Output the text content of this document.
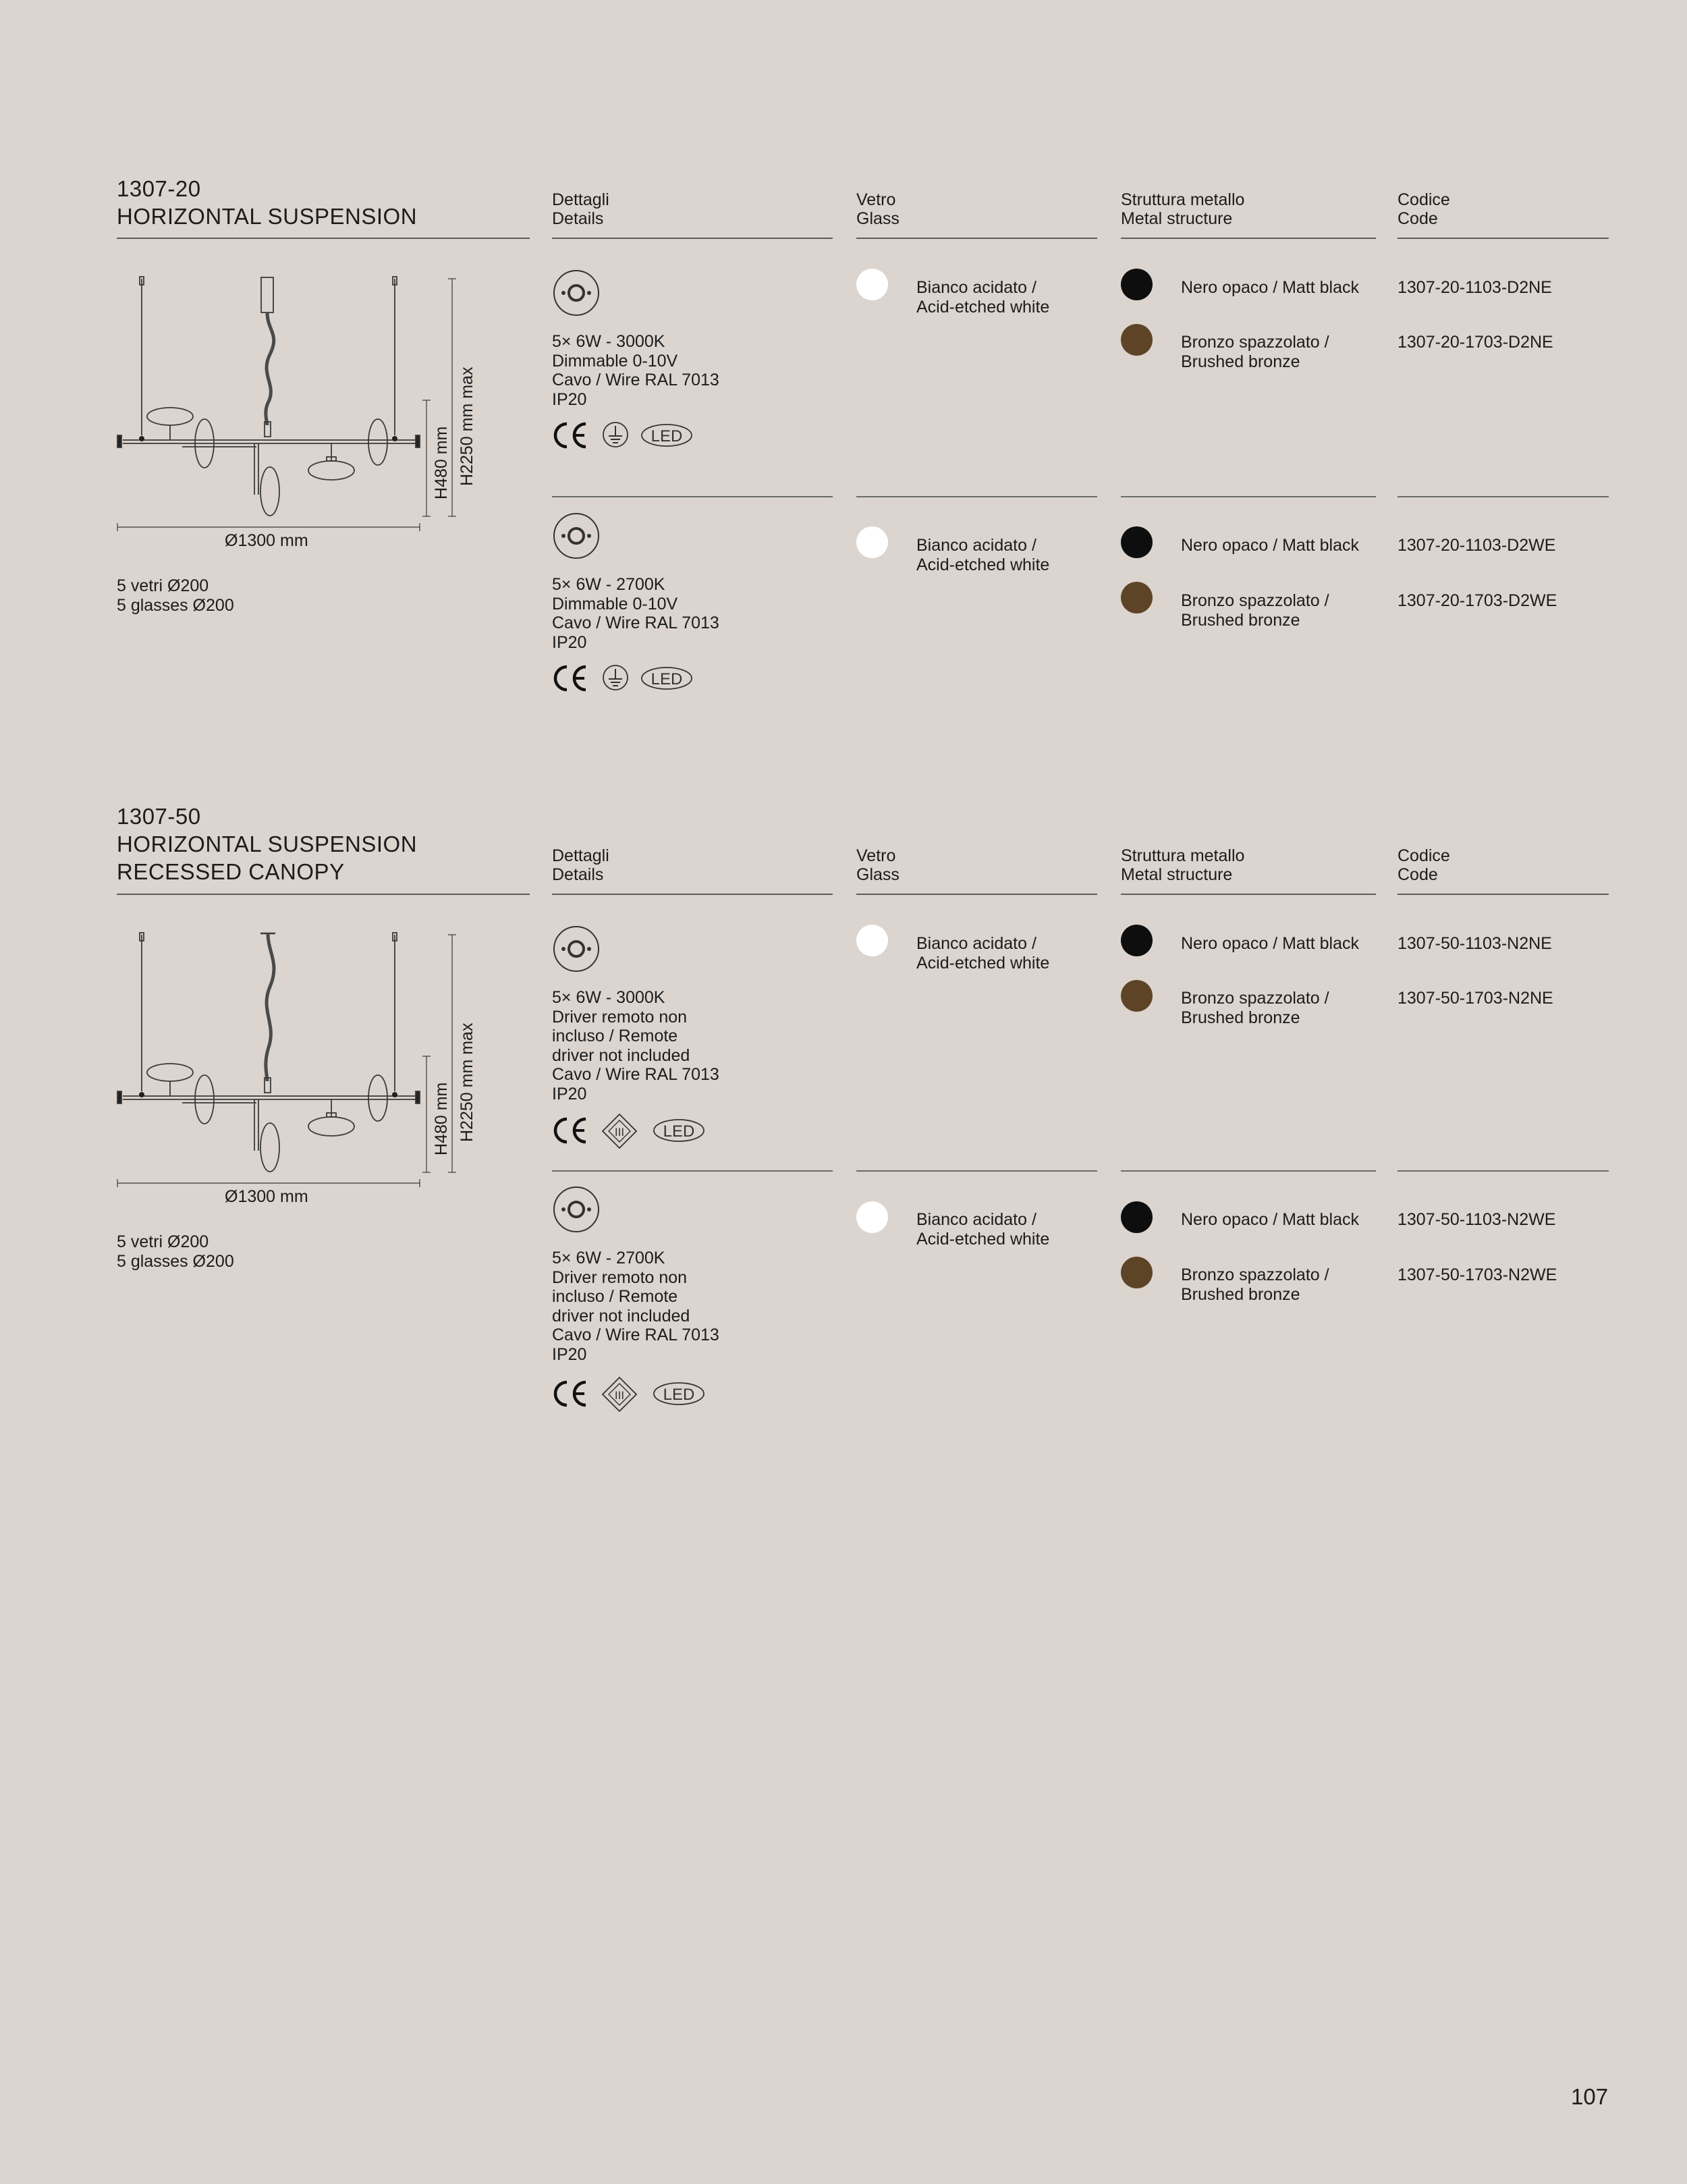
1307-20
HORIZONTAL SUSPENSION
Dettagli
Details
Vetro
Glass
Struttura metallo
Metal structure
Codice
Code
Ø1300 mm
H480 mm H2250 mm max
5 vetri Ø200
5 glasses Ø200
5× 6W - 3000K
Dimmable 0-10V
Cavo / Wire RAL 7013
IP20
LED
Bianco acidato /
Acid-etched white
Nero opaco / Matt black 1307-20-1103-D2NE
Bronzo spazzolato /
Brushed bronze
1307-20-1703-D2NE
5× 6W - 2700K
Dimmable 0-10V
Cavo / Wire RAL 7013
IP20
LED
Bianco acidato /
Acid-etched white
Nero opaco / Matt black 1307-20-1103-D2WE
Bronzo spazzolato /
Brushed bronze
1307-20-1703-D2WE
1307-50
HORIZONTAL SUSPENSION
RECESSED CANOPY
Dettagli
Details
Vetro
Glass
Struttura metallo
Metal structure
Codice
Code
Ø1300 mm
H480 mm H2250 mm max
5 vetri Ø200
5 glasses Ø200
5× 6W - 3000K
Driver remoto non
incluso / Remote
driver not included
Cavo / Wire RAL 7013
IP20
III LED
Bianco acidato /
Acid-etched white
Nero opaco / Matt black 1307-50-1103-N2NE
Bronzo spazzolato /
Brushed bronze
1307-50-1703-N2NE
5× 6W - 2700K
Driver remoto non
incluso / Remote
driver not included
Cavo / Wire RAL 7013
IP20
III LED
Bianco acidato /
Acid-etched white
Nero opaco / Matt black 1307-50-1103-N2WE
Bronzo spazzolato /
Brushed bronze
1307-50-1703-N2WE
107
